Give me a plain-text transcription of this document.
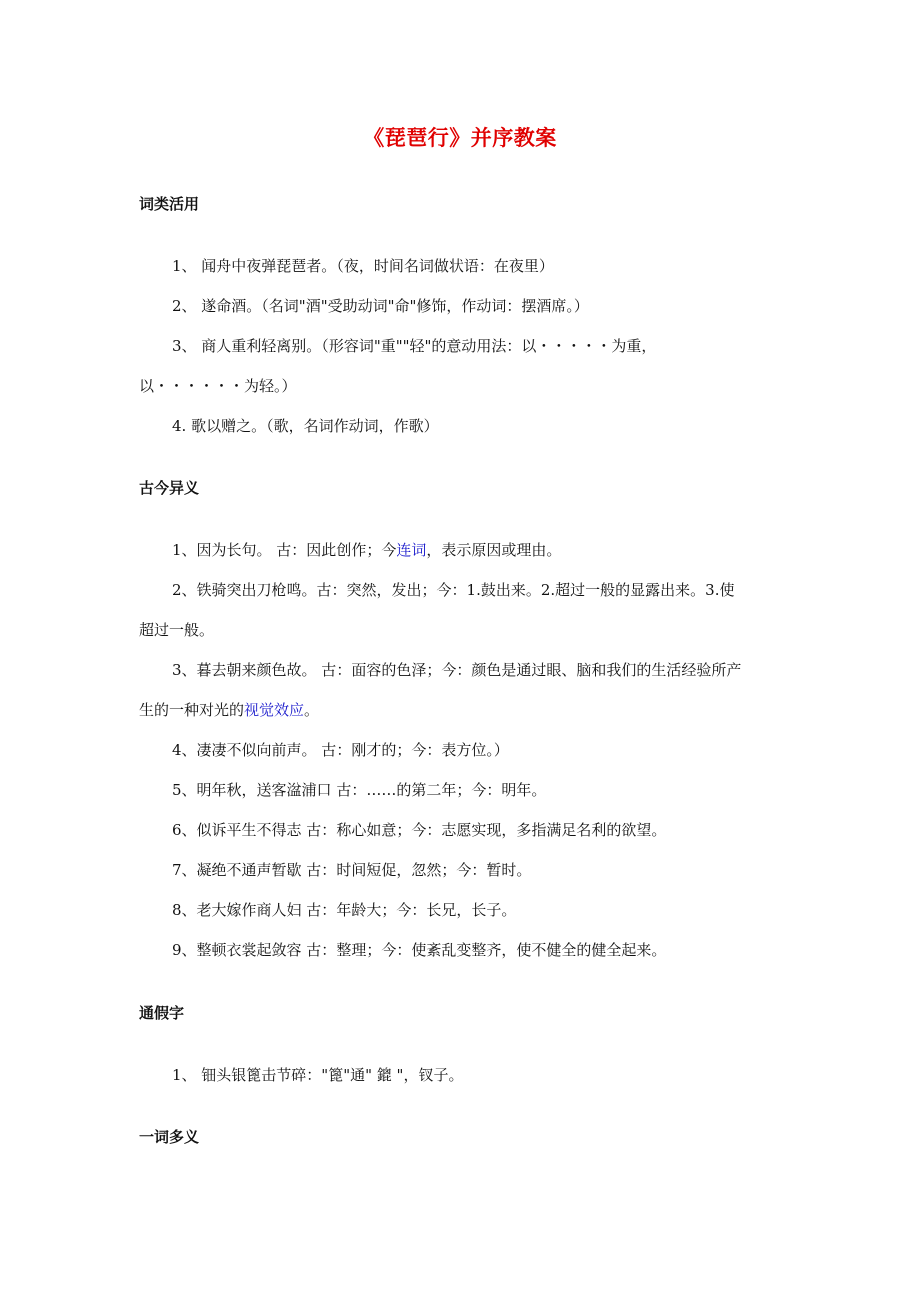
《琵琶行》并序教案
词类活用
1、 闻舟中夜弹琵琶者。（夜，时间名词做状语：在夜里）
2、 遂命酒。（名词"酒"受助动词"命"修饰，作动词：摆酒席。）
3、 商人重利轻离别。（形容词"重""轻"的意动用法：以・・・・・为重，
以・・・・・・为轻。）
4. 歌以赠之。（歌，名词作动词，作歌）
古今异义
1、因为长句。 古：因此创作；今连词，表示原因或理由。
2、铁骑突出刀枪鸣。古：突然，发出；今：1.鼓出来。2.超过一般的显露出来。3.使
超过一般。
3、暮去朝来颜色故。 古：面容的色泽；今：颜色是通过眼、脑和我们的生活经验所产
生的一种对光的视觉效应。
4、凄凄不似向前声。 古：刚才的；今：表方位。）
5、明年秋，送客湓浦口 古：……的第二年；今：明年。
6、似诉平生不得志 古：称心如意；今：志愿实现，多指满足名利的欲望。
7、凝绝不通声暂歇 古：时间短促，忽然；今：暂时。
8、老大嫁作商人妇 古：年龄大；今：长兄，长子。
9、整顿衣裳起敛容 古：整理；今：使紊乱变整齐，使不健全的健全起来。
通假字
1、 钿头银篦击节碎："篦"通" 鎞 "，钗子。
一词多义
